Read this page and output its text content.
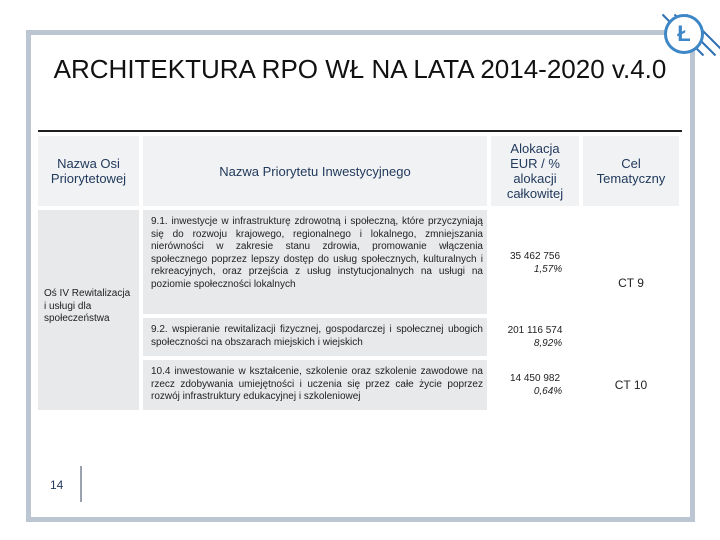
Ł
ARCHITEKTURA RPO WŁ NA LATA 2014-2020 v.4.0
Nazwa Osi Priorytetowej	Nazwa Priorytetu Inwestycyjnego
Alokacja EUR / % alokacji całkowitej
Cel Tematyczny
Oś IV Rewitalizacja i usługi dla społeczeństwa
9.1. inwestycje w infrastrukturę zdrowotną i społeczną, które przyczyniają się do rozwoju krajowego, regionalnego i lokalnego, zmniejszania nierówności w zakresie stanu zdrowia, promowanie włączenia społecznego poprzez lepszy dostęp do usług społecznych, kulturalnych i rekreacyjnych, oraz przejścia z usług instytucjonalnych na usługi na poziomie społeczności lokalnych
35 462 756
1,57%
9.2. wspieranie rewitalizacji fizycznej, gospodarczej i społecznej ubogich społeczności na obszarach miejskich i wiejskich
201 116 574
8,92%
CT 9
10.4 inwestowanie w kształcenie, szkolenie oraz szkolenie zawodowe na rzecz zdobywania umiejętności i uczenia się przez całe życie poprzez rozwój infrastruktury edukacyjnej i szkoleniowej
14 450 982
0,64%	CT 10
14
